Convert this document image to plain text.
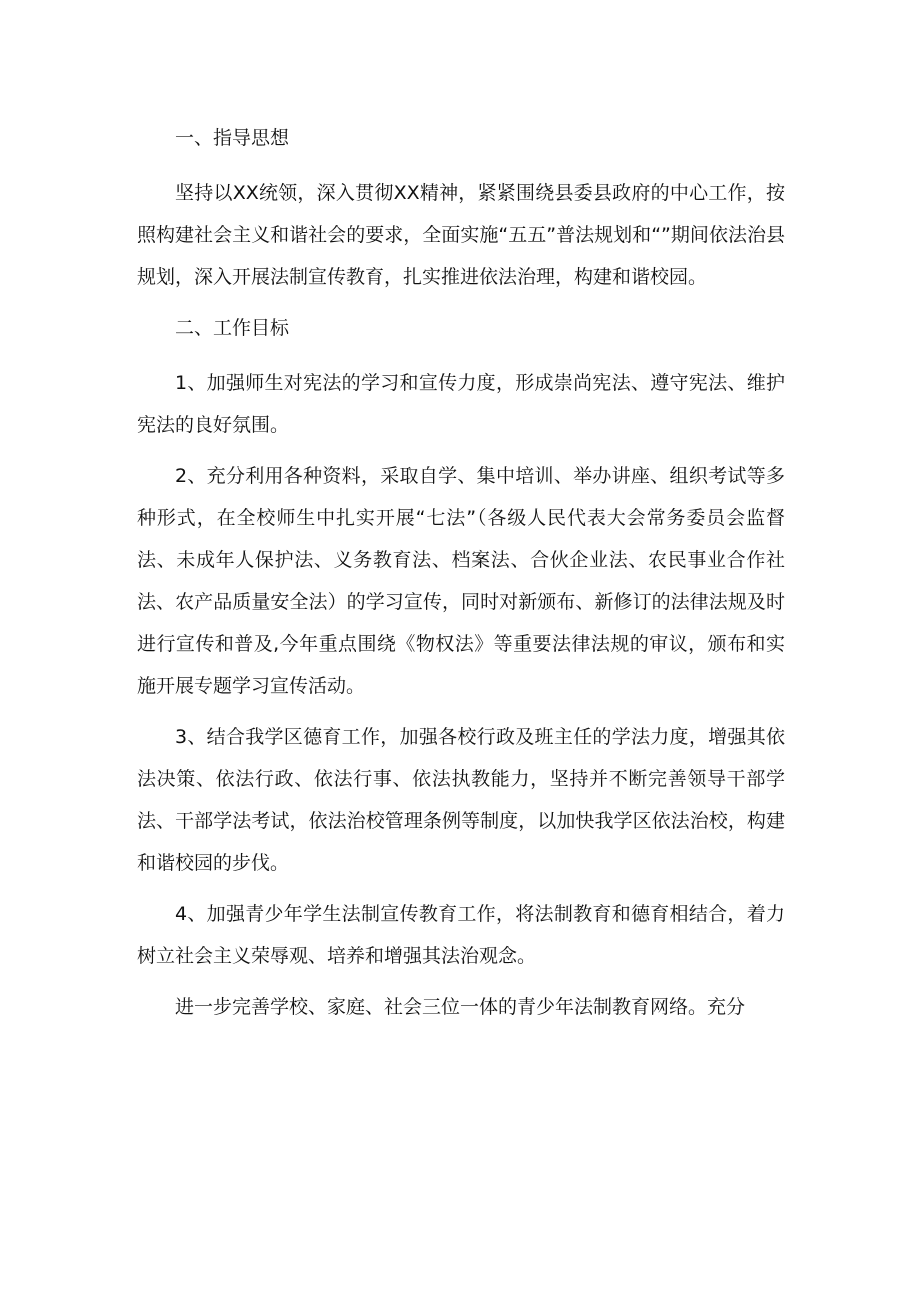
一、指导思想

坚持以XX统领，深入贯彻XX精神，紧紧围绕县委县政府的中心工作，按照构建社会主义和谐社会的要求，全面实施“五五”普法规划和“”期间依法治县规划，深入开展法制宣传教育，扎实推进依法治理，构建和谐校园。

二、工作目标

1、加强师生对宪法的学习和宣传力度，形成崇尚宪法、遵守宪法、维护宪法的良好氛围。

2、充分利用各种资料，采取自学、集中培训、举办讲座、组织考试等多种形式，在全校师生中扎实开展“七法”（各级人民代表大会常务委员会监督法、未成年人保护法、义务教育法、档案法、合伙企业法、农民事业合作社法、农产品质量安全法）的学习宣传，同时对新颁布、新修订的法律法规及时进行宣传和普及,今年重点围绕《物权法》等重要法律法规的审议，颁布和实施开展专题学习宣传活动。

3、结合我学区德育工作，加强各校行政及班主任的学法力度，增强其依法决策、依法行政、依法行事、依法执教能力，坚持并不断完善领导干部学法、干部学法考试，依法治校管理条例等制度，以加快我学区依法治校，构建和谐校园的步伐。

4、加强青少年学生法制宣传教育工作，将法制教育和德育相结合，着力树立社会主义荣辱观、培养和增强其法治观念。

进一步完善学校、家庭、社会三位一体的青少年法制教育网络。充分
